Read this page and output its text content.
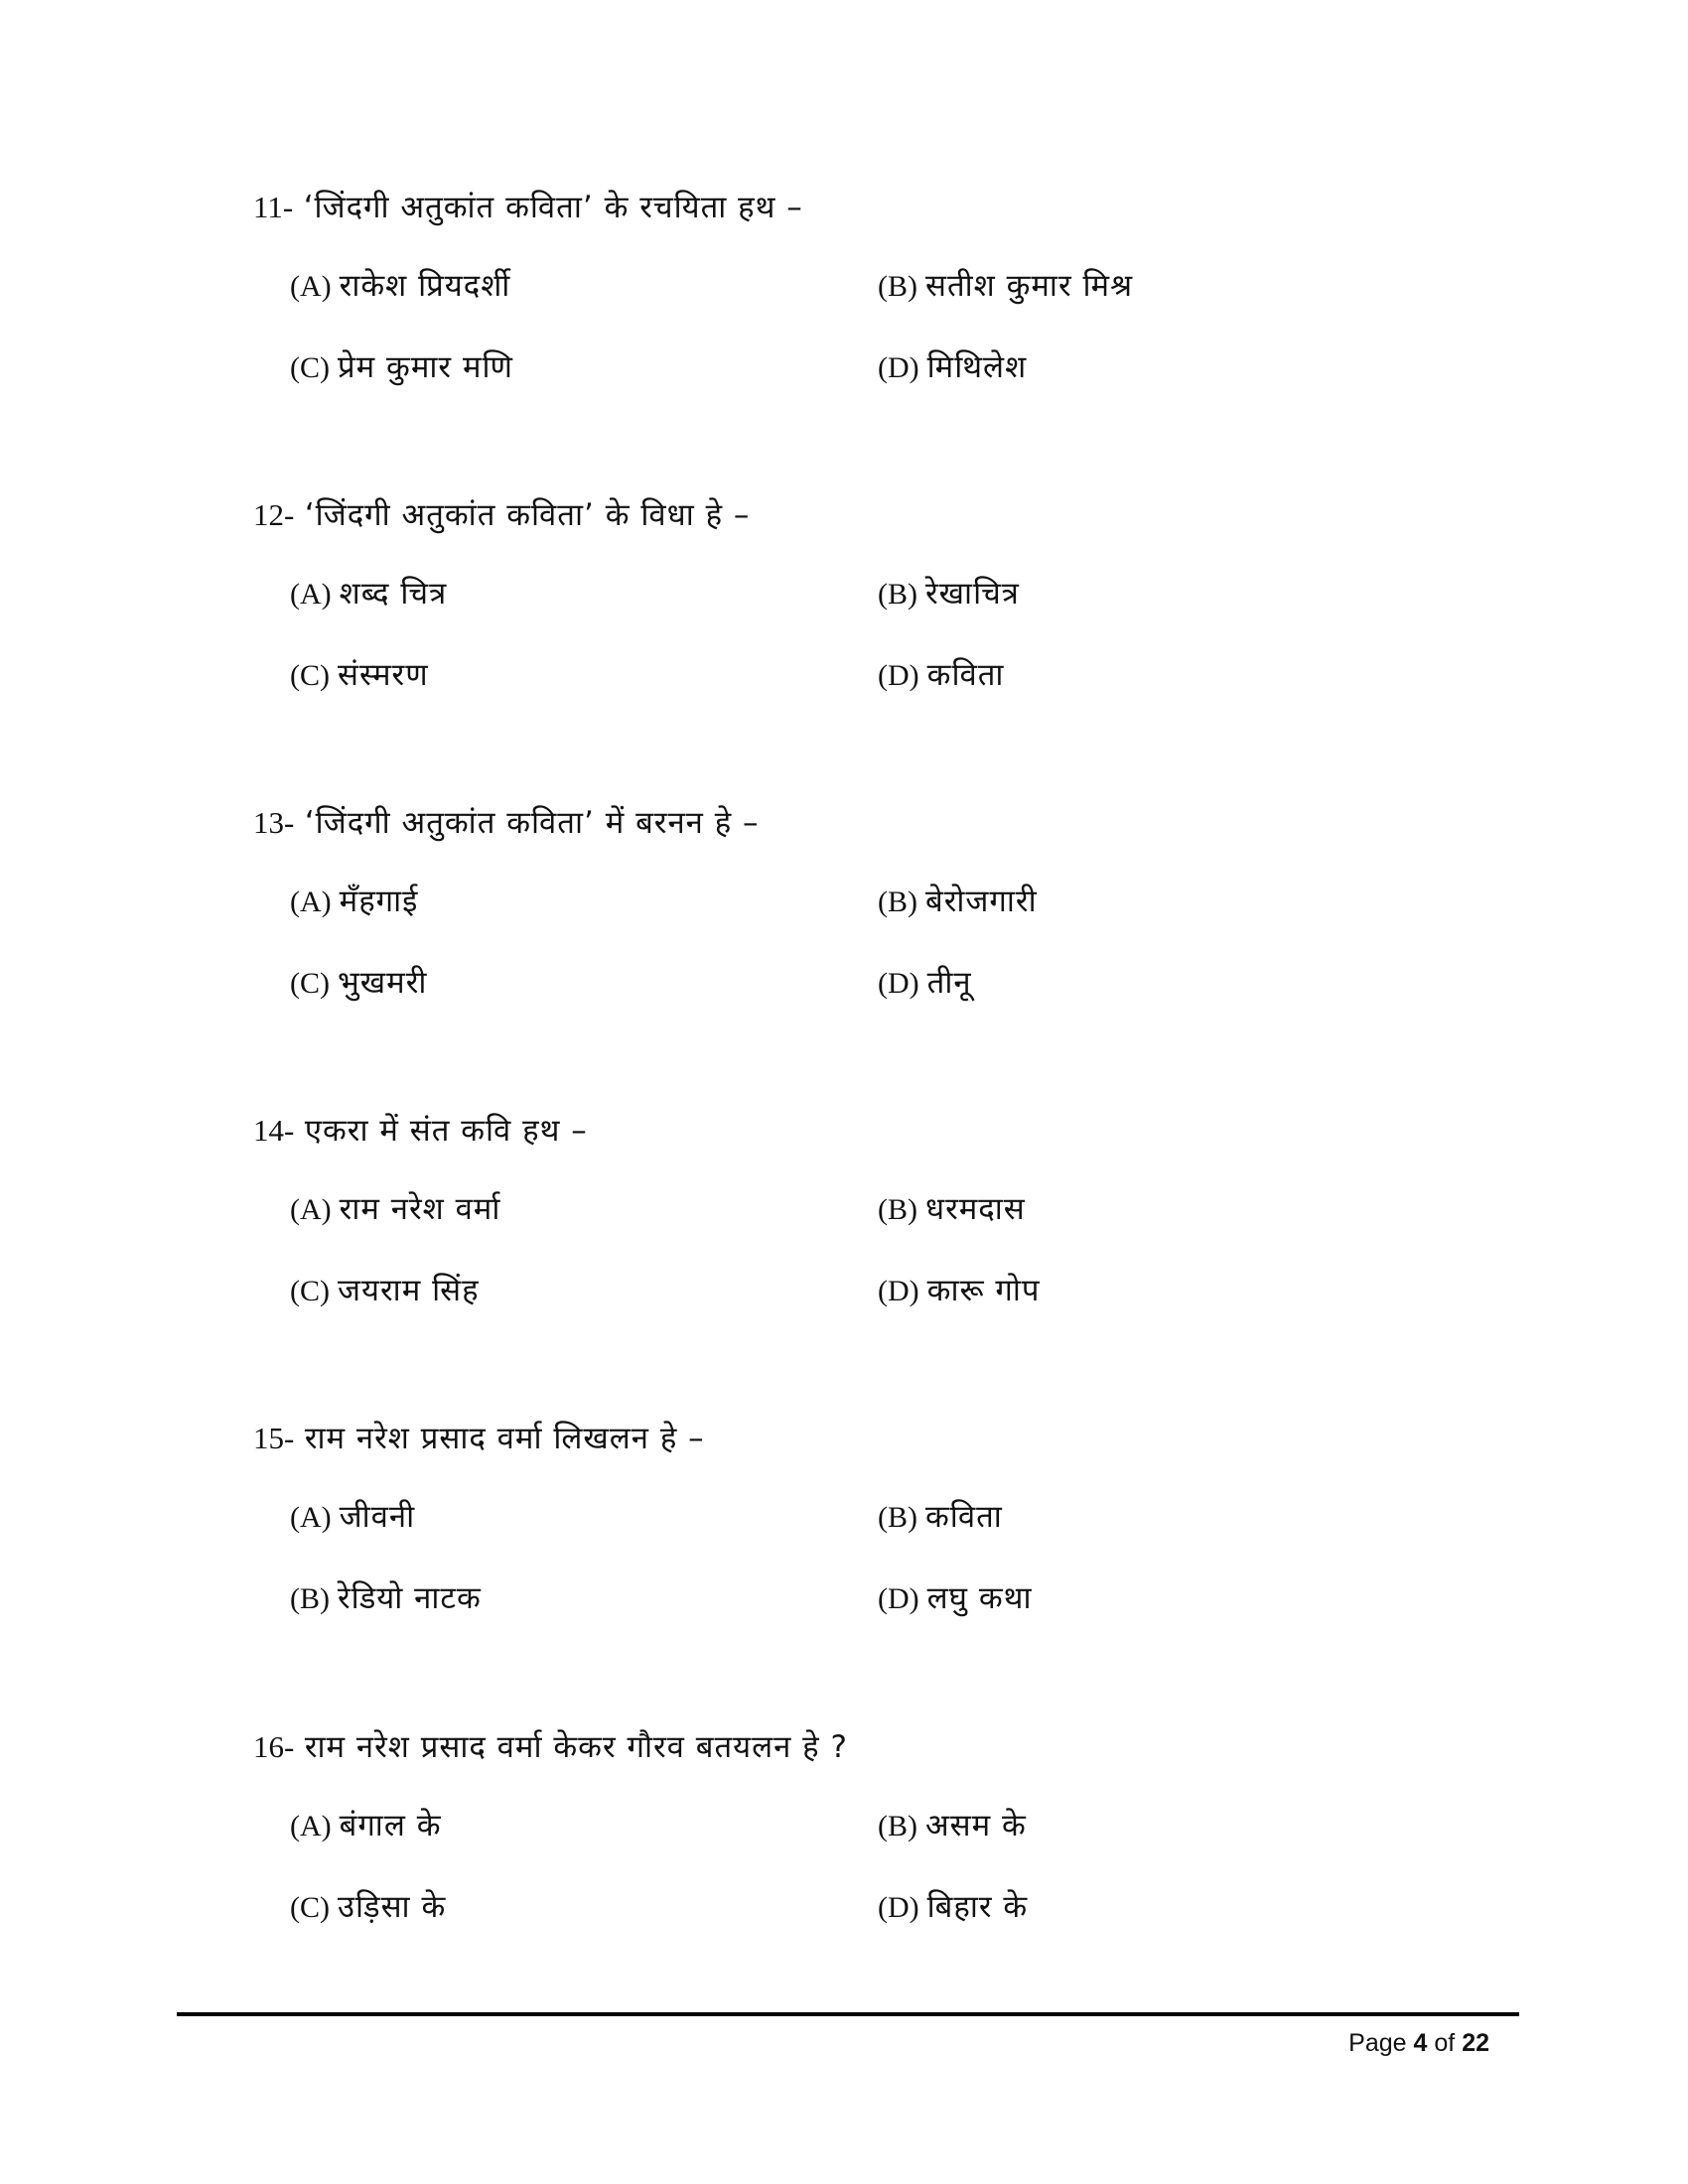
11- ‘जिंदगी अतुकांत कविता’ के रचयिता हथ –
(A) राकेश प्रियदर्शी	(B) सतीश कुमार मिश्र
(C) प्रेम कुमार मणि	(D) मिथिलेश
12- ‘जिंदगी अतुकांत कविता’ के विधा हे –
(A) शब्द चित्र	(B) रेखाचित्र
(C) संस्मरण	(D) कविता
13- ‘जिंदगी अतुकांत कविता’ में बरनन हे –
(A) मँहगाई	(B) बेरोजगारी
(C) भुखमरी	(D) तीनू
14- एकरा में संत कवि हथ –
(A) राम नरेश वर्मा	(B) धरमदास
(C) जयराम सिंह	(D) कारू गोप
15- राम नरेश प्रसाद वर्मा लिखलन हे –
(A) जीवनी	(B) कविता
(B) रेडियो नाटक	(D) लघु कथा
16- राम नरेश प्रसाद वर्मा केकर गौरव बतयलन हे ?
(A) बंगाल के	(B) असम के
(C) उड़िसा के	(D) बिहार के
Page 4 of 22
